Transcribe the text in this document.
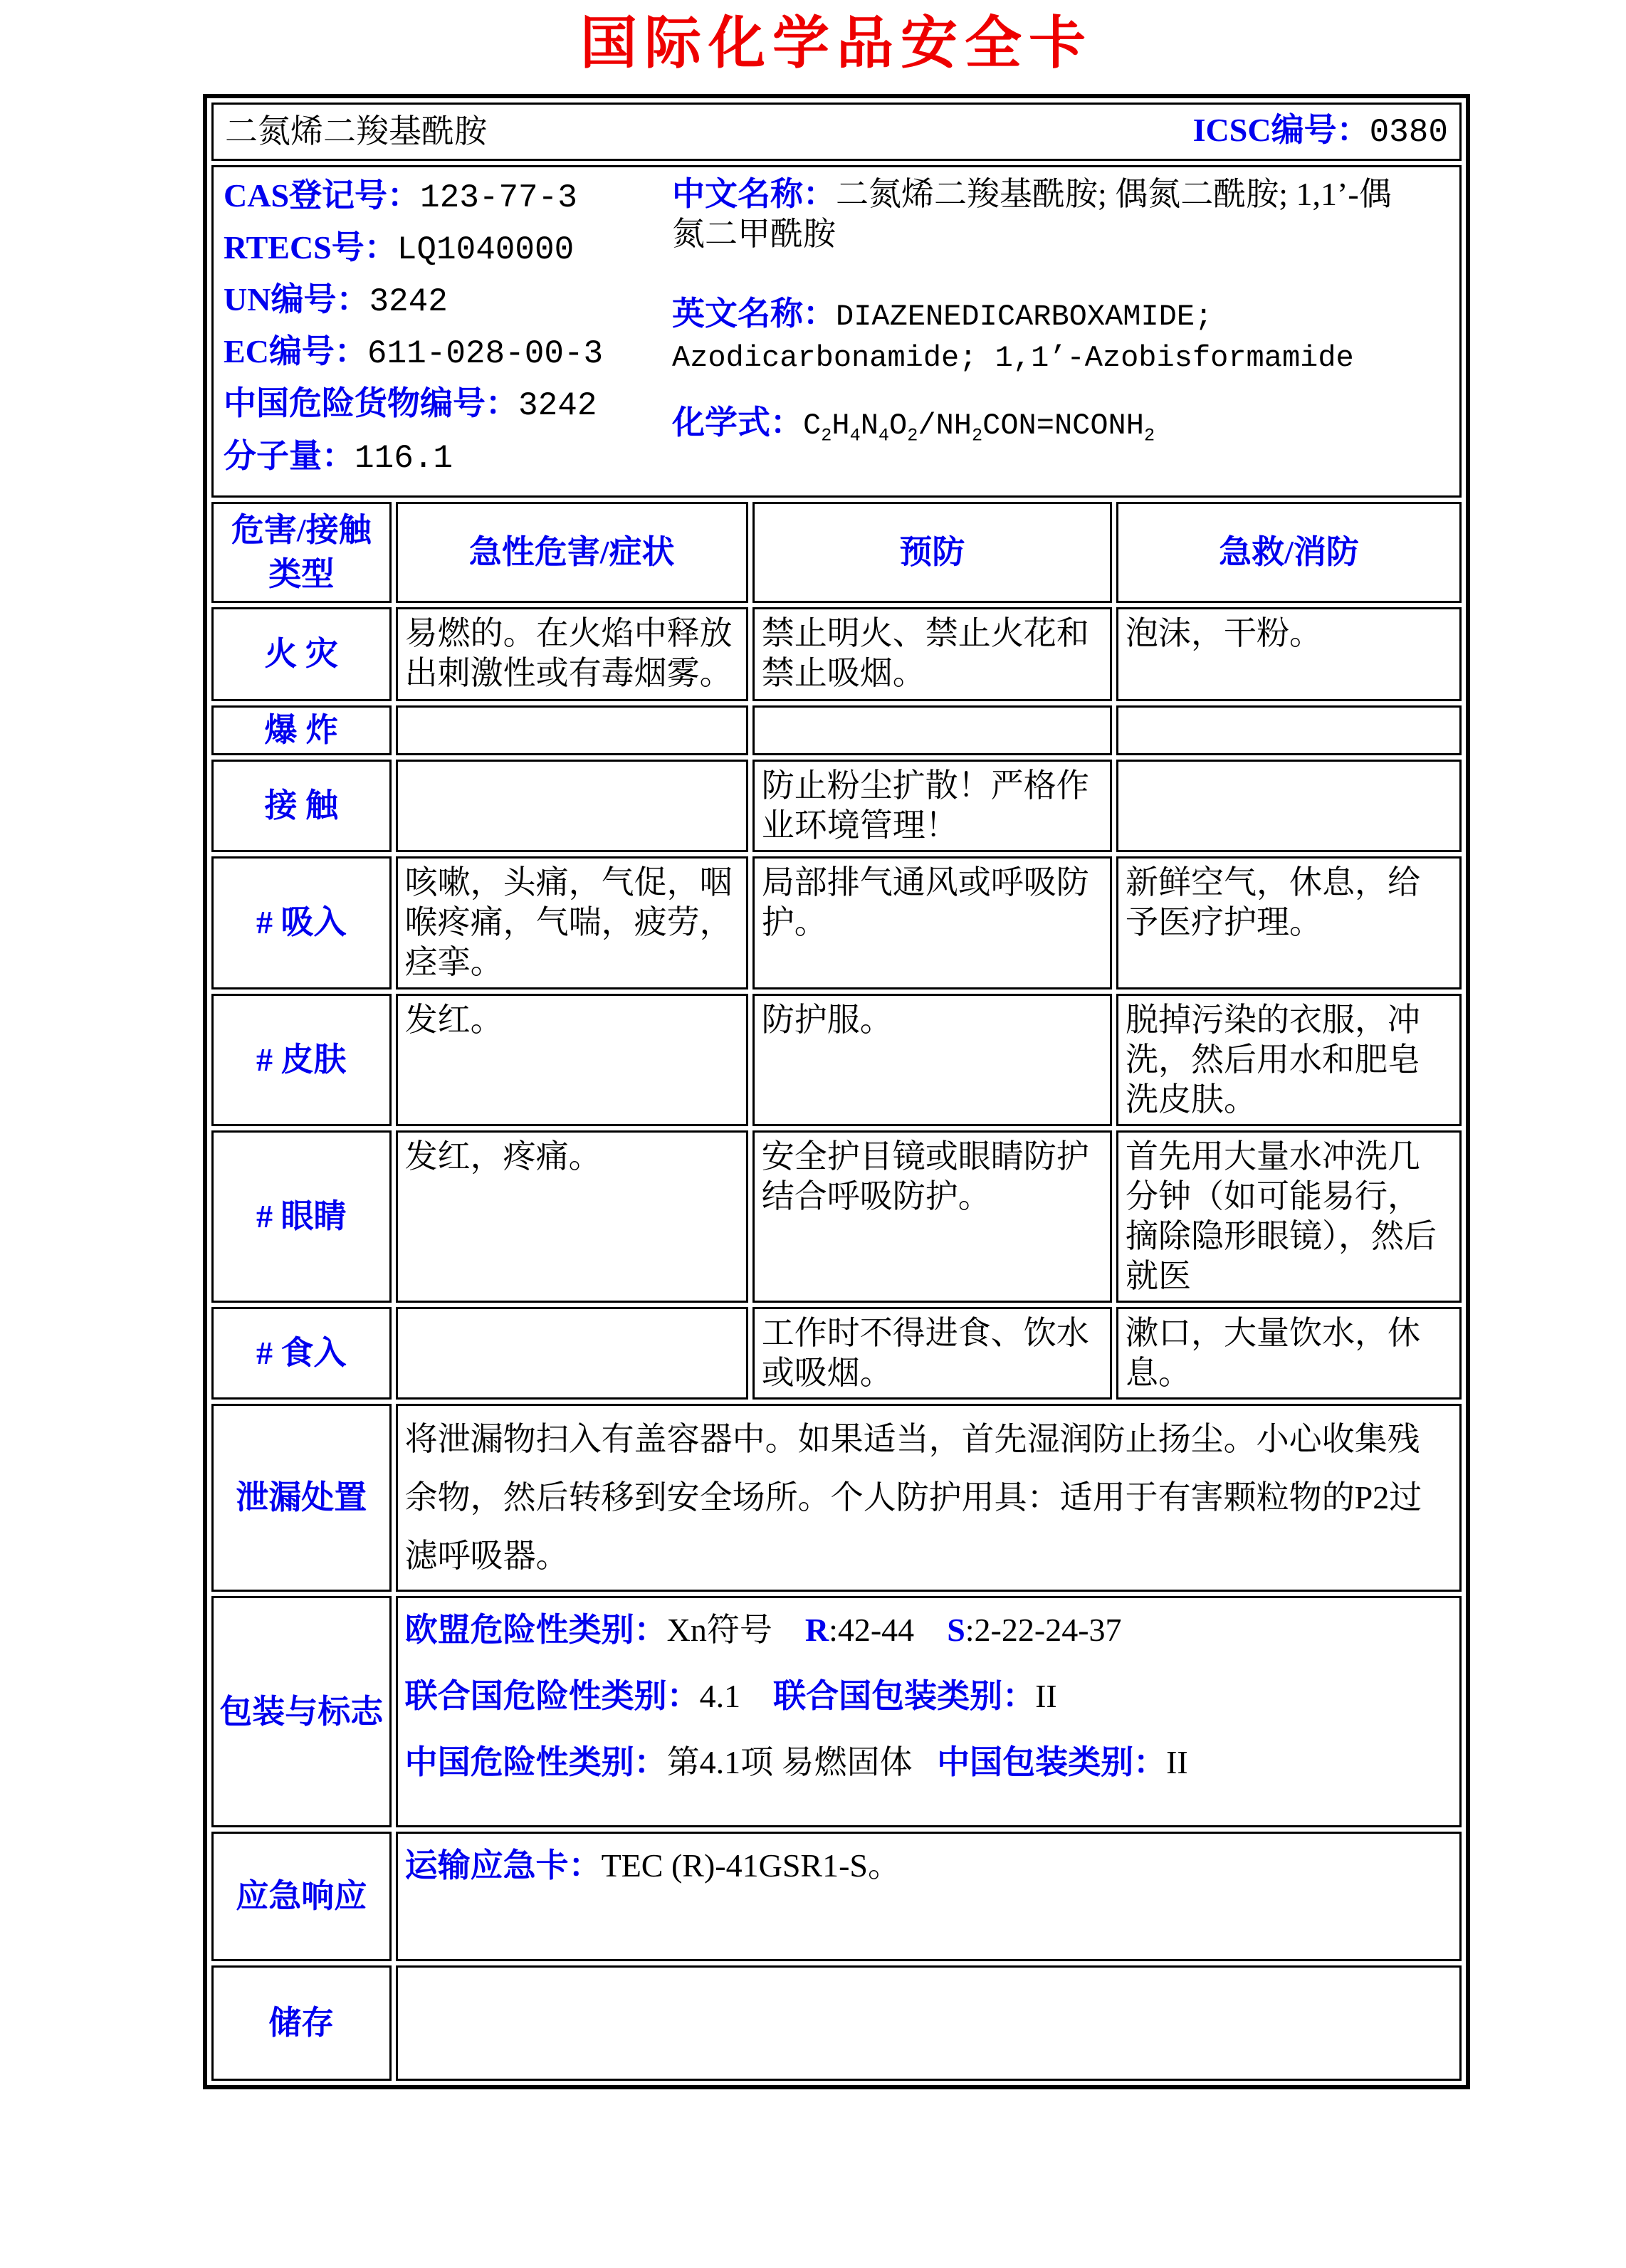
国际化学品安全卡
二氮烯二羧基酰胺 ICSC编号：0380			

CAS登记号：123-77-3
RTECS号：LQ1040000
UN编号：3242
EC编号：611-028-00-3
中国危险货物编号：3242
分子量：116.1
中文名称：二氮烯二羧基酰胺; 偶氮二酰胺; 1,1’-偶氮二甲酰胺
英文名称：DIAZENEDICARBOXAMIDE; Azodicarbonamide; 1,1’-Azobisformamide
化学式：$C_2H_4N_4O_2/NH_2CON=NCONH_2$

危害/接触类型	急性危害/症状	预防	急救/消防
火 灾	易燃的。在火焰中释放出刺激性或有毒烟雾。	禁止明火、禁止火花和禁止吸烟。	泡沫，干粉。
爆 炸			
接 触		防止粉尘扩散！严格作业环境管理！	
# 吸入	咳嗽，头痛，气促，咽喉疼痛，气喘，疲劳，痉挛。	局部排气通风或呼吸防护。	新鲜空气，休息，给予医疗护理。
# 皮肤	发红。	防护服。	脱掉污染的衣服，冲洗，然后用水和肥皂洗皮肤。
# 眼睛	发红，疼痛。	安全护目镜或眼睛防护结合呼吸防护。	首先用大量水冲洗几分钟（如可能易行，摘除隐形眼镜），然后就医
# 食入		工作时不得进食、饮水或吸烟。	漱口，大量饮水，休息。
泄漏处置	将泄漏物扫入有盖容器中。如果适当，首先湿润防止扬尘。小心收集残余物，然后转移到安全场所。个人防护用具：适用于有害颗粒物的P2过滤呼吸器。		

包装与标志	欧盟危险性类别：Xn符号    R:42-44    S:2-22-24-37
联合国危险性类别：4.1    联合国包装类别：II
中国危险性类别：第4.1项 易燃固体   中国包装类别：II		

应急响应	运输应急卡：TEC (R)-41GSR1-S。		

储存			
